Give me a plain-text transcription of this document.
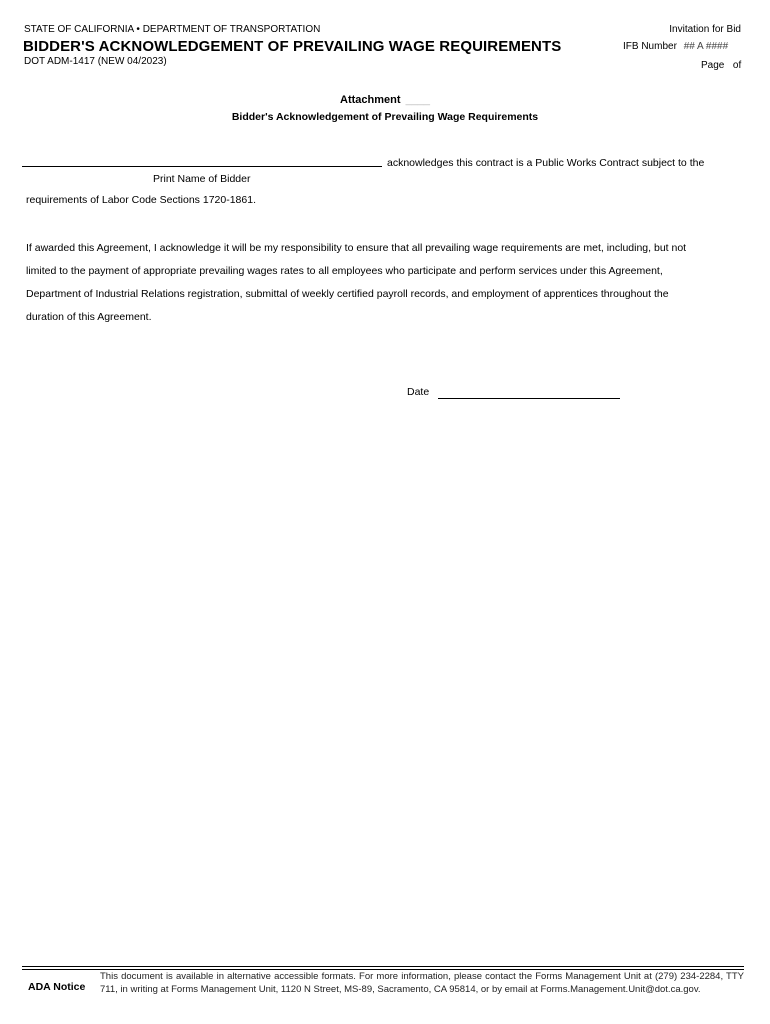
STATE OF CALIFORNIA • DEPARTMENT OF TRANSPORTATION
BIDDER'S ACKNOWLEDGEMENT OF PREVAILING WAGE REQUIREMENTS
DOT ADM-1417 (NEW 04/2023)
Invitation for Bid
IFB Number ## A ####
Page of
Attachment ____
Bidder's Acknowledgement of Prevailing Wage Requirements
acknowledges this contract is a Public Works Contract subject to the
Print Name of Bidder
requirements of Labor Code Sections 1720-1861.
If awarded this Agreement, I acknowledge it will be my responsibility to ensure that all prevailing wage requirements are met, including, but not
limited to the payment of appropriate prevailing wages rates to all employees who participate and perform services under this Agreement,
Department of Industrial Relations registration, submittal of weekly certified payroll records, and employment of apprentices throughout the
duration of this Agreement.
Date
ADA Notice
This document is available in alternative accessible formats. For more information, please contact the Forms Management Unit at (279) 234-2284, TTY 711, in writing at Forms Management Unit, 1120 N Street, MS-89, Sacramento, CA 95814, or by email at Forms.Management.Unit@dot.ca.gov.
